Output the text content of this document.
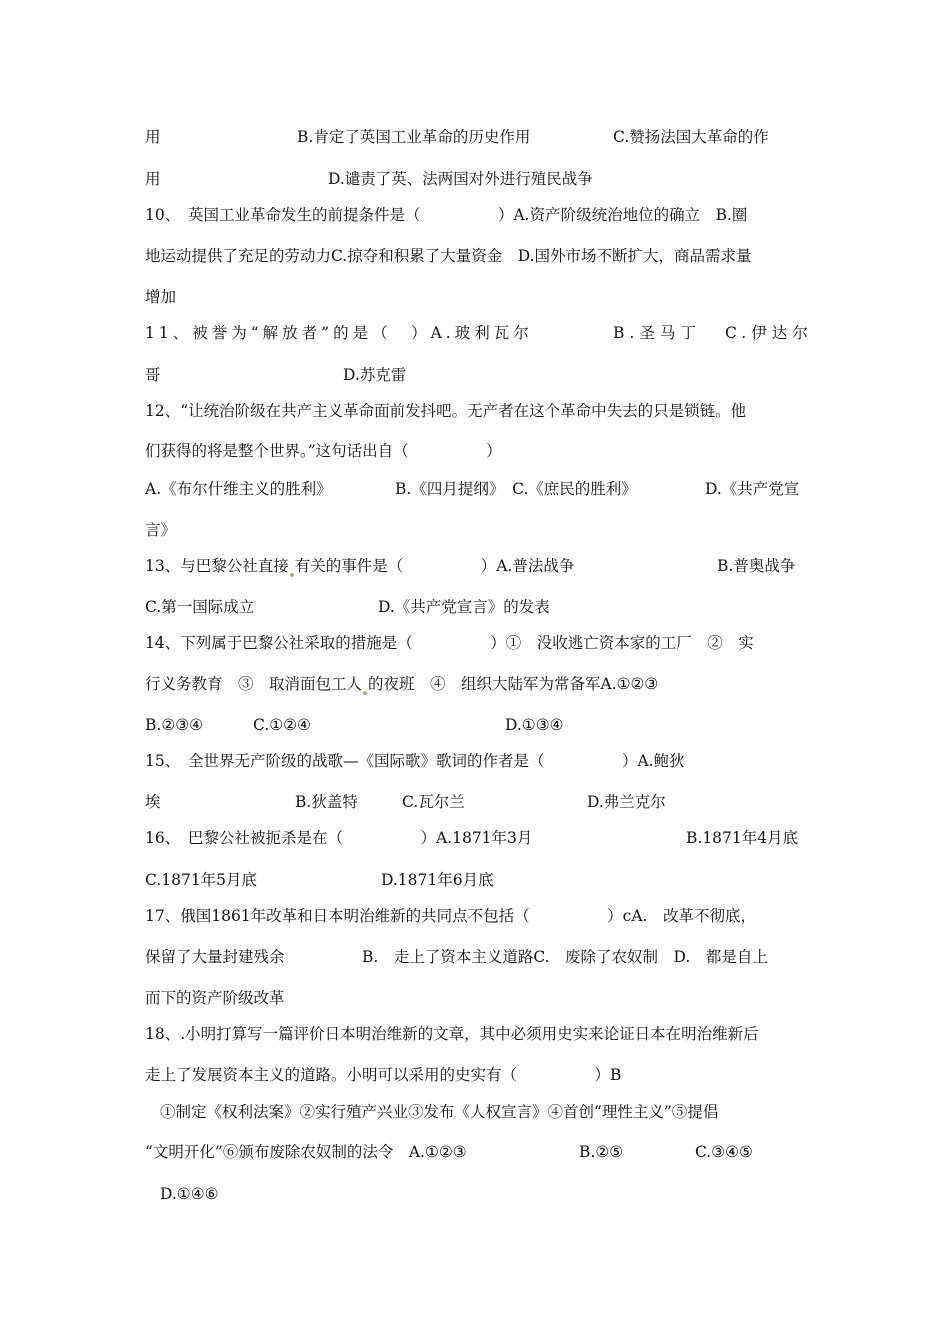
用

	B.肯定了英国工业革命的历史作用

	C.赞扬法国大革命的作

用

	D.谴责了英、法两国对外进行殖民战争

10、　英国工业革命发生的前提条件是（　　　　　）A.资产阶级统治地位的确立　B.圈
地运动提供了充足的劳动力C.掠夺和积累了大量资金　D.国外市场不断扩大，商品需求量
增加

11、被誉为“解放者”的是（　）A.玻利瓦尔

	B.圣马丁

C.伊达尔

哥

	D.苏克雷

12、“让统治阶级在共产主义革命面前发抖吧。无产者在这个革命中失去的只是锁链。他
们获得的将是整个世界。”这句话出自（　　　　　）

A.《布尔什维主义的胜利》

	B.《四月提纲》　C.《庶民的胜利》

	D.《共产党宣

言》

13、与巴黎公社直接 有关的事件是（　　　　　）A.普法战争

	B.普奥战争

C.第一国际成立

	D.《共产党宣言》的发表

14、下列属于巴黎公社采取的措施是（　　　　　）①　没收逃亡资本家的工厂　②　实

行义务教育　③　取消面包工人 的夜班　④　组织大陆军为常备军A.①②③

B.②③④

	C.①②④

	D.①③④

15、　全世界无产阶级的战歌—《国际歌》歌词的作者是（　　　　　）A.鲍狄

埃

	B.狄盖特

	C.瓦尔兰

	D.弗兰克尔

16、　巴黎公社被扼杀是在（　　　　　）A.1871年3月

	B.1871年4月底

C.1871年5月底

	D.1871年6月底

17、俄国1861年改革和日本明治维新的共同点不包括（　　　　　）cA.　改革不彻底，
保留了大量封建残余　　　　　B.　走上了资本主义道路C.　废除了农奴制　D.　都是自上
而下的资产阶级改革
18、.小明打算写一篇评价日本明治维新的文章，其中必须用史实来论证日本在明治维新后
走上了发展资本主义的道路。小明可以采用的史实有（　　　　　）B
①制定《权利法案》②实行殖产兴业③发布《人权宣言》④首创“理性主义”⑤提倡

“文明开化”⑥颁布废除农奴制的法令　A.①②③

	B.②⑤

	C.③④⑤

D.①④⑥
